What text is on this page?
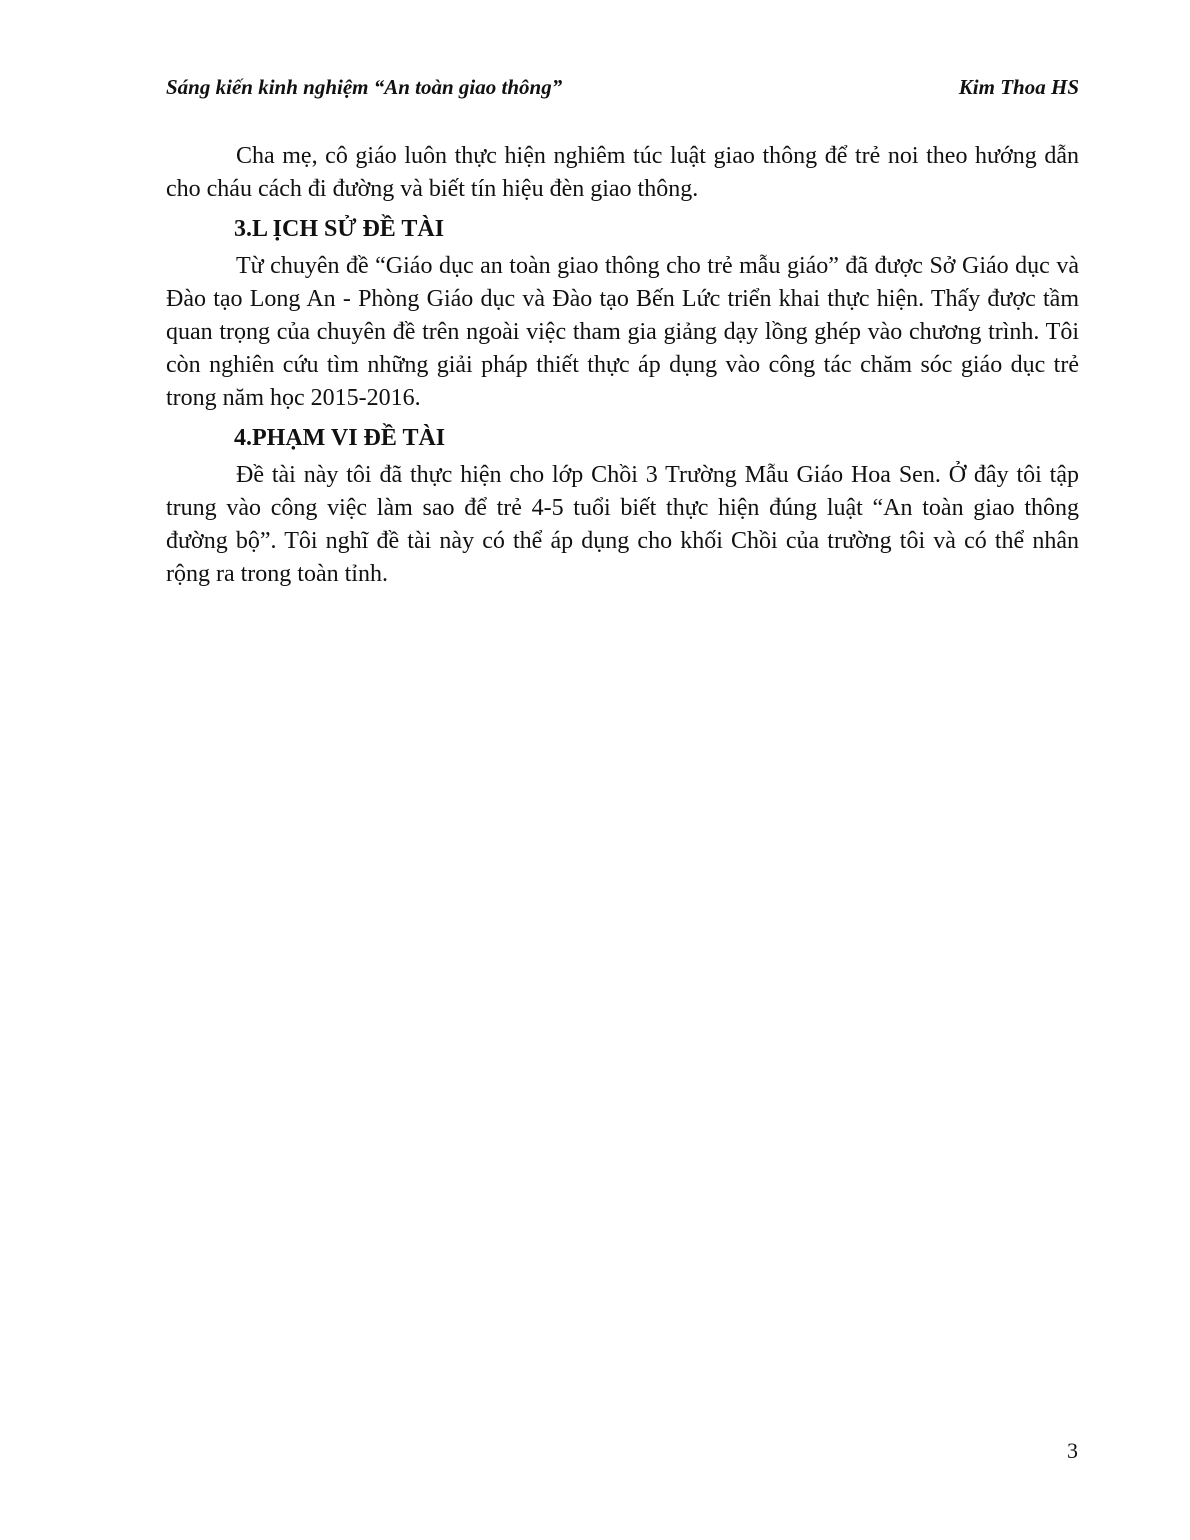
Sáng kiến kinh nghiệm “An toàn giao thông”	Kim Thoa HS

Cha mẹ, cô giáo luôn thực hiện nghiêm túc luật giao thông để trẻ noi theo hướng dẫn cho cháu cách đi đường và biết tín hiệu đèn giao thông.

3.L ỊCH SỬ ĐỀ TÀI

Từ chuyên đề “Giáo dục an toàn giao thông cho trẻ mẫu giáo” đã được Sở Giáo dục và Đào tạo Long An - Phòng Giáo dục và Đào tạo Bến Lức triển khai thực hiện. Thấy được tầm quan trọng của chuyên đề trên ngoài việc tham gia giảng dạy lồng ghép vào chương trình. Tôi còn nghiên cứu tìm những giải pháp thiết thực áp dụng vào công tác chăm sóc giáo dục trẻ trong năm học 2015-2016.

4.PHẠM VI ĐỀ TÀI

Đề tài này tôi đã thực hiện cho lớp Chồi 3 Trường Mẫu Giáo Hoa Sen. Ở đây tôi tập trung vào công việc làm sao để trẻ 4-5 tuổi biết thực hiện đúng luật “An toàn giao thông đường bộ”. Tôi nghĩ đề tài này có thể áp dụng cho khối Chồi của trường tôi và có thể nhân rộng ra trong toàn tỉnh.

3
